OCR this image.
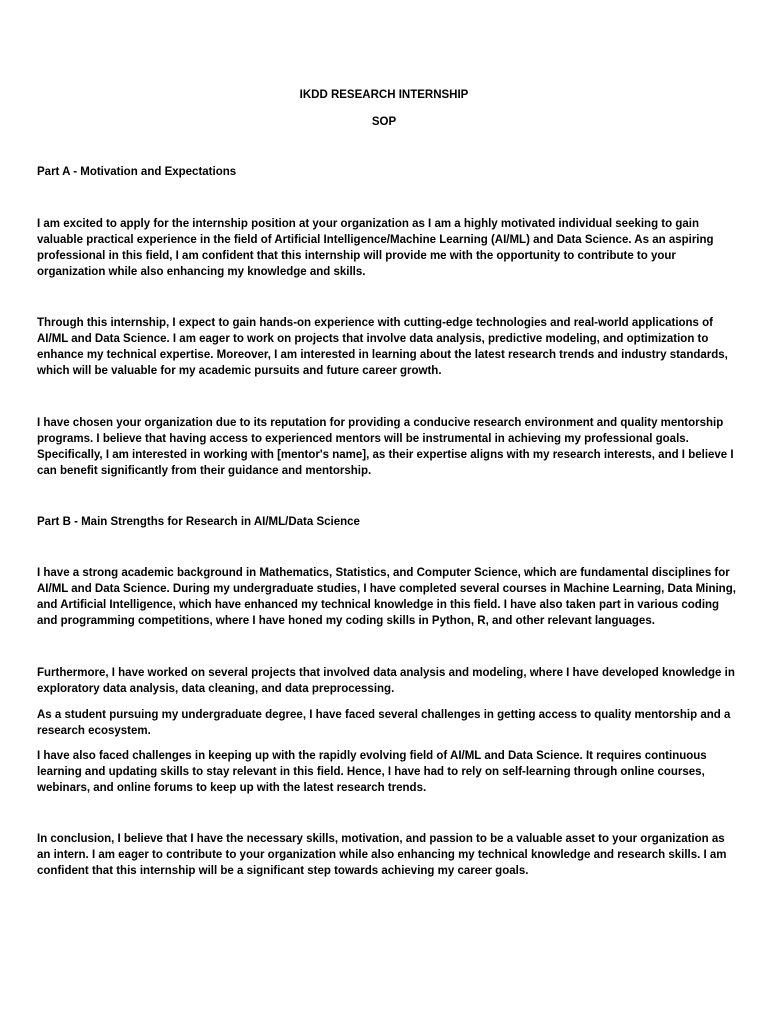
IKDD RESEARCH INTERNSHIP
SOP
Part A - Motivation and Expectations

I am excited to apply for the internship position at your organization as I am a highly motivated individual seeking to gain valuable practical experience in the field of Artificial Intelligence/Machine Learning (AI/ML) and Data Science. As an aspiring professional in this field, I am confident that this internship will provide me with the opportunity to contribute to your organization while also enhancing my knowledge and skills.

Through this internship, I expect to gain hands-on experience with cutting-edge technologies and real-world applications of AI/ML and Data Science. I am eager to work on projects that involve data analysis, predictive modeling, and optimization to enhance my technical expertise. Moreover, I am interested in learning about the latest research trends and industry standards, which will be valuable for my academic pursuits and future career growth.

I have chosen your organization due to its reputation for providing a conducive research environment and quality mentorship programs. I believe that having access to experienced mentors will be instrumental in achieving my professional goals. Specifically, I am interested in working with [mentor's name], as their expertise aligns with my research interests, and I believe I can benefit significantly from their guidance and mentorship.

Part B - Main Strengths for Research in AI/ML/Data Science

I have a strong academic background in Mathematics, Statistics, and Computer Science, which are fundamental disciplines for AI/ML and Data Science. During my undergraduate studies, I have completed several courses in Machine Learning, Data Mining, and Artificial Intelligence, which have enhanced my technical knowledge in this field. I have also taken part in various coding and programming competitions, where I have honed my coding skills in Python, R, and other relevant languages.

Furthermore, I have worked on several projects that involved data analysis and modeling, where I have developed knowledge in exploratory data analysis, data cleaning, and data preprocessing.

As a student pursuing my undergraduate degree, I have faced several challenges in getting access to quality mentorship and a research ecosystem.

I have also faced challenges in keeping up with the rapidly evolving field of AI/ML and Data Science. It requires continuous learning and updating skills to stay relevant in this field. Hence, I have had to rely on self-learning through online courses, webinars, and online forums to keep up with the latest research trends.

In conclusion, I believe that I have the necessary skills, motivation, and passion to be a valuable asset to your organization as an intern. I am eager to contribute to your organization while also enhancing my technical knowledge and research skills. I am confident that this internship will be a significant step towards achieving my career goals.
